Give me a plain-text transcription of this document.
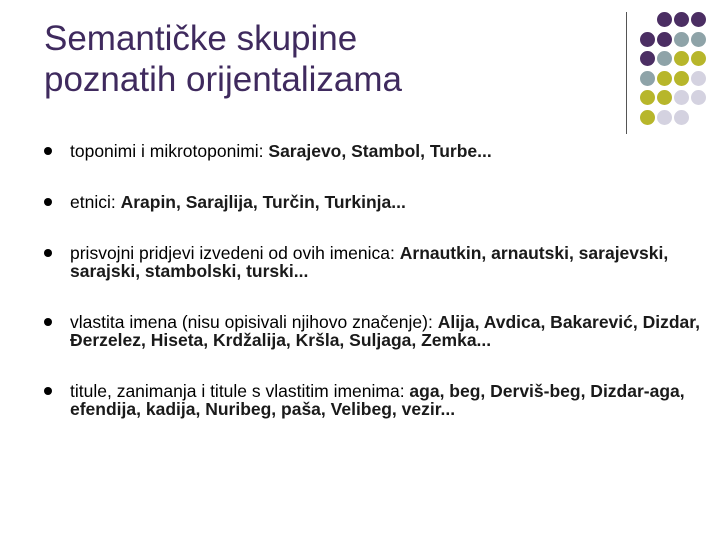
Semantičke skupine
poznatih orijentalizama
toponimi i mikrotoponimi: Sarajevo, Stambol, Turbe...
etnici: Arapin, Sarajlija, Turčin, Turkinja...
prisvojni pridjevi izvedeni od ovih imenica: Arnautkin, arnautski, sarajevski, sarajski, stambolski, turski...
vlastita imena (nisu opisivali njihovo značenje): Alija, Avdica, Bakarević, Dizdar, Đerzelez, Hiseta, Krdžalija, Kršla, Suljaga, Zemka...
titule, zanimanja i titule s vlastitim imenima: aga, beg, Derviš-beg, Dizdar-aga, efendija, kadija, Nuribeg, paša, Velibeg, vezir...
